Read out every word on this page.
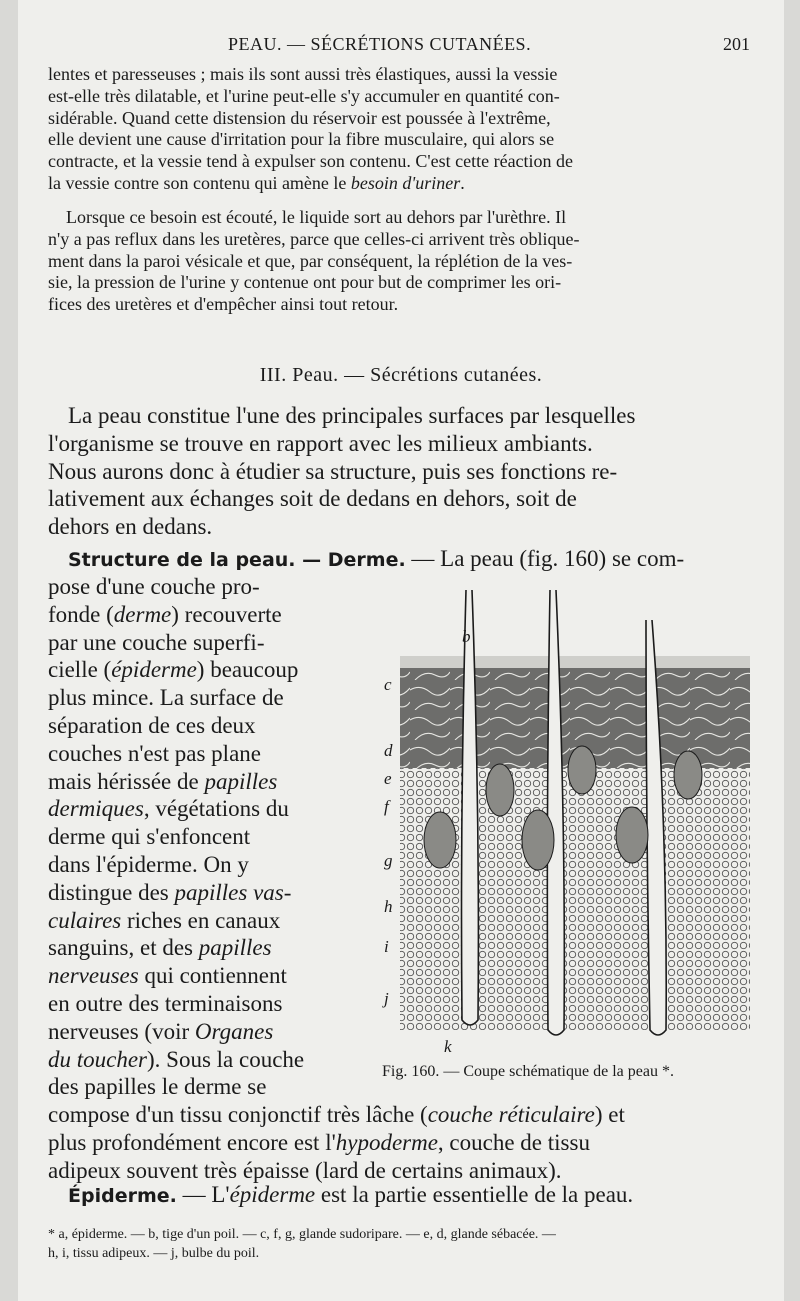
PEAU. — SÉCRÉTIONS CUTANÉES.	201
lentes et paresseuses ; mais ils sont aussi très élastiques, aussi la vessie
est-elle très dilatable, et l'urine peut-elle s'y accumuler en quantité con-
sidérable. Quand cette distension du réservoir est poussée à l'extrême,
elle devient une cause d'irritation pour la fibre musculaire, qui alors se
contracte, et la vessie tend à expulser son contenu. C'est cette réaction de
la vessie contre son contenu qui amène le besoin d'uriner.
Lorsque ce besoin est écouté, le liquide sort au dehors par l'urèthre. Il
n'y a pas reflux dans les uretères, parce que celles-ci arrivent très oblique-
ment dans la paroi vésicale et que, par conséquent, la réplétion de la ves-
sie, la pression de l'urine y contenue ont pour but de comprimer les ori-
fices des uretères et d'empêcher ainsi tout retour.
III. Peau. — Sécrétions cutanées.
La peau constitue l'une des principales surfaces par lesquelles
l'organisme se trouve en rapport avec les milieux ambiants.
Nous aurons donc à étudier sa structure, puis ses fonctions re-
lativement aux échanges soit de dedans en dehors, soit de
dehors en dedans.
Structure de la peau. — Derme. — La peau (fig. 160) se com-
pose d'une couche pro-
fonde (derme) recouverte
par une couche superfi-
cielle (épiderme) beaucoup
plus mince. La surface de
séparation de ces deux
couches n'est pas plane
mais hérissée de papilles
dermiques, végétations du
derme qui s'enfoncent
dans l'épiderme. On y
distingue des papilles vas-
culaires riches en canaux
sanguins, et des papilles
nerveuses qui contiennent
en outre des terminaisons
nerveuses (voir Organes
du toucher). Sous la couche
des papilles le derme se
compose d'un tissu conjonctif très lâche (couche réticulaire) et
plus profondément encore est l'hypoderme, couche de tissu
adipeux souvent très épaisse (lard de certains animaux).
Épiderme. — L'épiderme est la partie essentielle de la peau.
b
c
d
e
f
g
h
i
j
k
Fig. 160. — Coupe schématique de la peau *.
* a, épiderme. — b, tige d'un poil. — c, f, g, glande sudoripare. — e, d, glande sébacée. —
h, i, tissu adipeux. — j, bulbe du poil.
